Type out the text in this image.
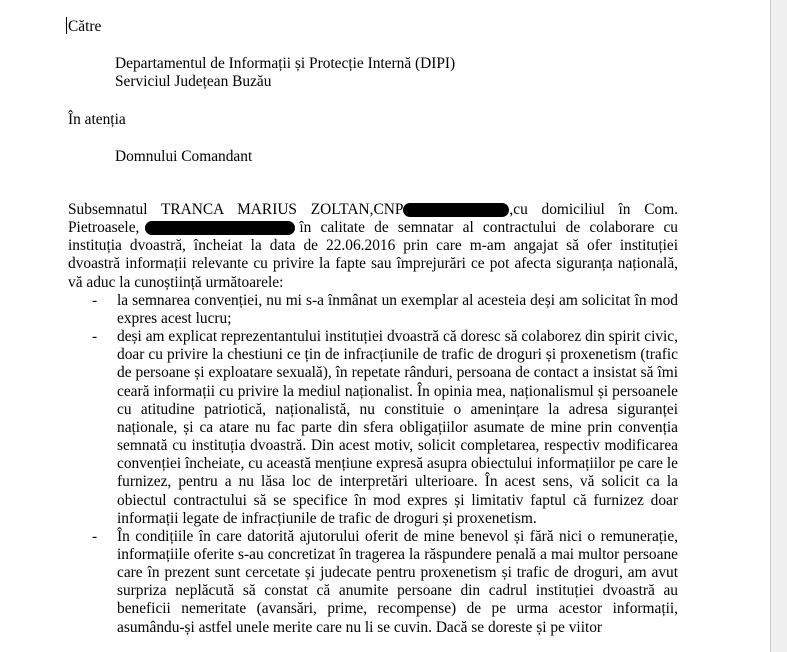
Către
Departamentul de Informații și Protecție Internă (DIPI)
Serviciul Județean Buzău
În atenția
Domnului Comandant

Subsemnatul TRANCA MARIUS ZOLTAN,CNP	,cu domiciliul în Com. Pietroasele,	în calitate de semnatar al contractului de colaborare cu instituția dvoastră, încheiat la data de 22.06.2016 prin care m-am angajat să ofer instituției dvoastră informații relevante cu privire la fapte sau împrejurări ce pot afecta siguranța națională, vă aduc la cunoștiință următoarele:

- la semnarea convenției, nu mi s-a înmânat un exemplar al acesteia deși am solicitat în mod expres acest lucru;
- deși am explicat reprezentantului instituției dvoastră că doresc să colaborez din spirit civic, doar cu privire la chestiuni ce țin de infracțiunile de trafic de droguri și proxenetism (trafic de persoane și exploatare sexuală), în repetate rânduri, persoana de contact a insistat să îmi ceară informații cu privire la mediul naționalist. În opinia mea, naționalismul și persoanele cu atitudine patriotică, naționalistă, nu constituie o amenințare la adresa siguranței naționale, și ca atare nu fac parte din sfera obligațiilor asumate de mine prin convenția semnată cu instituția dvoastră. Din acest motiv, solicit completarea, respectiv modificarea convenției încheiate, cu această mențiune expresă asupra obiectului informațiilor pe care le furnizez, pentru a nu lăsa loc de interpretări ulterioare. În acest sens, vă solicit ca la obiectul contractului să se specifice în mod expres și limitativ faptul că furnizez doar informații legate de infracțiunile de trafic de droguri și proxenetism.
- În condițiile în care datorită ajutorului oferit de mine benevol și fără nici o remunerație, informațiile oferite s-au concretizat în tragerea la răspundere penală a mai multor persoane care în prezent sunt cercetate și judecate pentru proxenetism și trafic de droguri, am avut surpriza neplăcută să constat că anumite persoane din cadrul instituției dvoastră au beneficii nemeritate (avansări, prime, recompense) de pe urma acestor informații, asumându-și astfel unele merite care nu li se cuvin. Dacă se doreste și pe viitor
